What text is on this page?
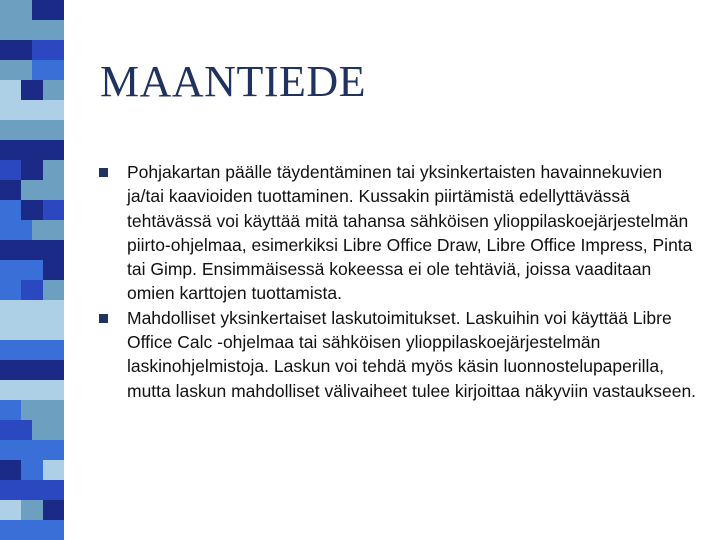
MAANTIEDE
Pohjakartan päälle täydentäminen tai yksinkertaisten havainnekuvien ja/tai kaavioiden tuottaminen. Kussakin piirtämistä edellyttävässä tehtävässä voi käyttää mitä tahansa sähköisen ylioppilaskoejärjestelmän piirto-ohjelmaa, esimerkiksi Libre Office Draw, Libre Office Impress, Pinta tai Gimp. Ensimmäisessä kokeessa ei ole tehtäviä, joissa vaaditaan omien karttojen tuottamista.
Mahdolliset yksinkertaiset laskutoimitukset. Laskuihin voi käyttää Libre Office Calc -ohjelmaa tai sähköisen ylioppilaskoejärjestelmän laskinohjelmistoja. Laskun voi tehdä myös käsin luonnostelupaperilla, mutta laskun mahdolliset välivaiheet tulee kirjoittaa näkyviin vastaukseen.
